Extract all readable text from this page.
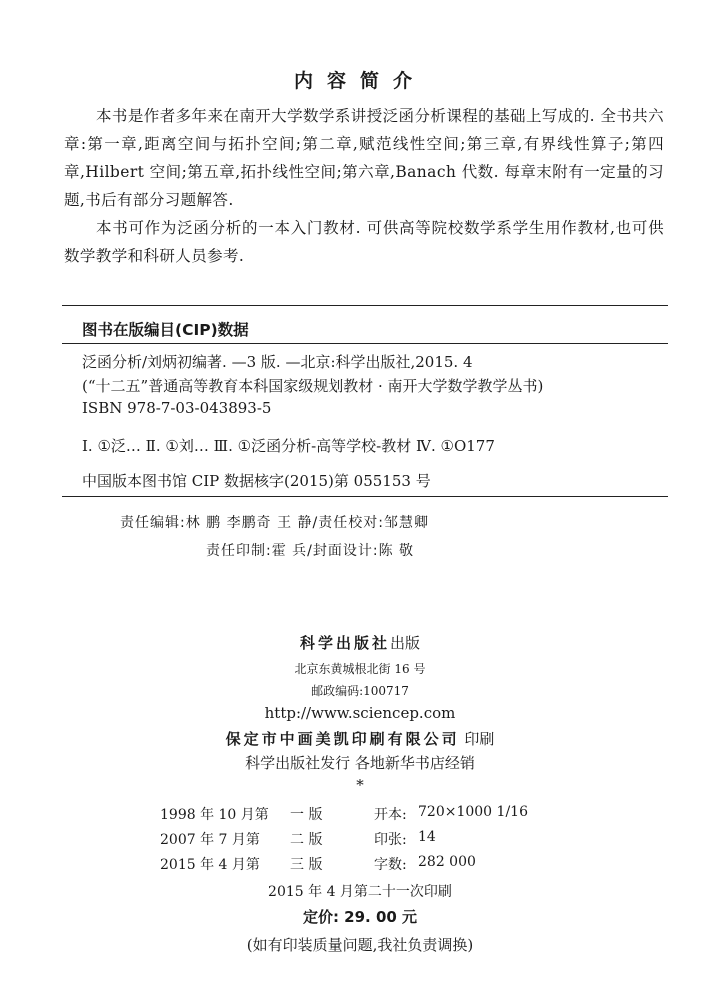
内容简介

本书是作者多年来在南开大学数学系讲授泛函分析课程的基础上写成的. 全书共六章:第一章,距离空间与拓扑空间;第二章,赋范线性空间;第三章,有界线性算子;第四章,Hilbert 空间;第五章,拓扑线性空间;第六章,Banach 代数. 每章末附有一定量的习题,书后有部分习题解答.

本书可作为泛函分析的一本入门教材. 可供高等院校数学系学生用作教材,也可供数学教学和科研人员参考.

图书在版编目(CIP)数据
泛函分析/刘炳初编著. —3 版. —北京:科学出版社,2015. 4
(“十二五”普通高等教育本科国家级规划教材 · 南开大学数学教学丛书)
ISBN 978-7-03-043893-5
Ⅰ. ①泛… Ⅱ. ①刘… Ⅲ. ①泛函分析-高等学校-教材 Ⅳ. ①O177
中国版本图书馆 CIP 数据核字(2015)第 055153 号
责任编辑:林 鹏 李鹏奇 王 静/责任校对:邹慧卿
责任印制:霍 兵/封面设计:陈 敬
科学出版社出版
北京东黄城根北街 16 号
邮政编码:100717
http://www.sciencep.com
保定市中画美凯印刷有限公司 印刷
科学出版社发行 各地新华书店经销
*
1998 年 10 月第 一 版	开本: 720×1000 1/16
2007 年 7 月第 二 版	印张: 14
2015 年 4 月第 三 版	字数: 282 000
2015 年 4 月第二十一次印刷
定价: 29. 00 元
(如有印装质量问题,我社负责调换)
